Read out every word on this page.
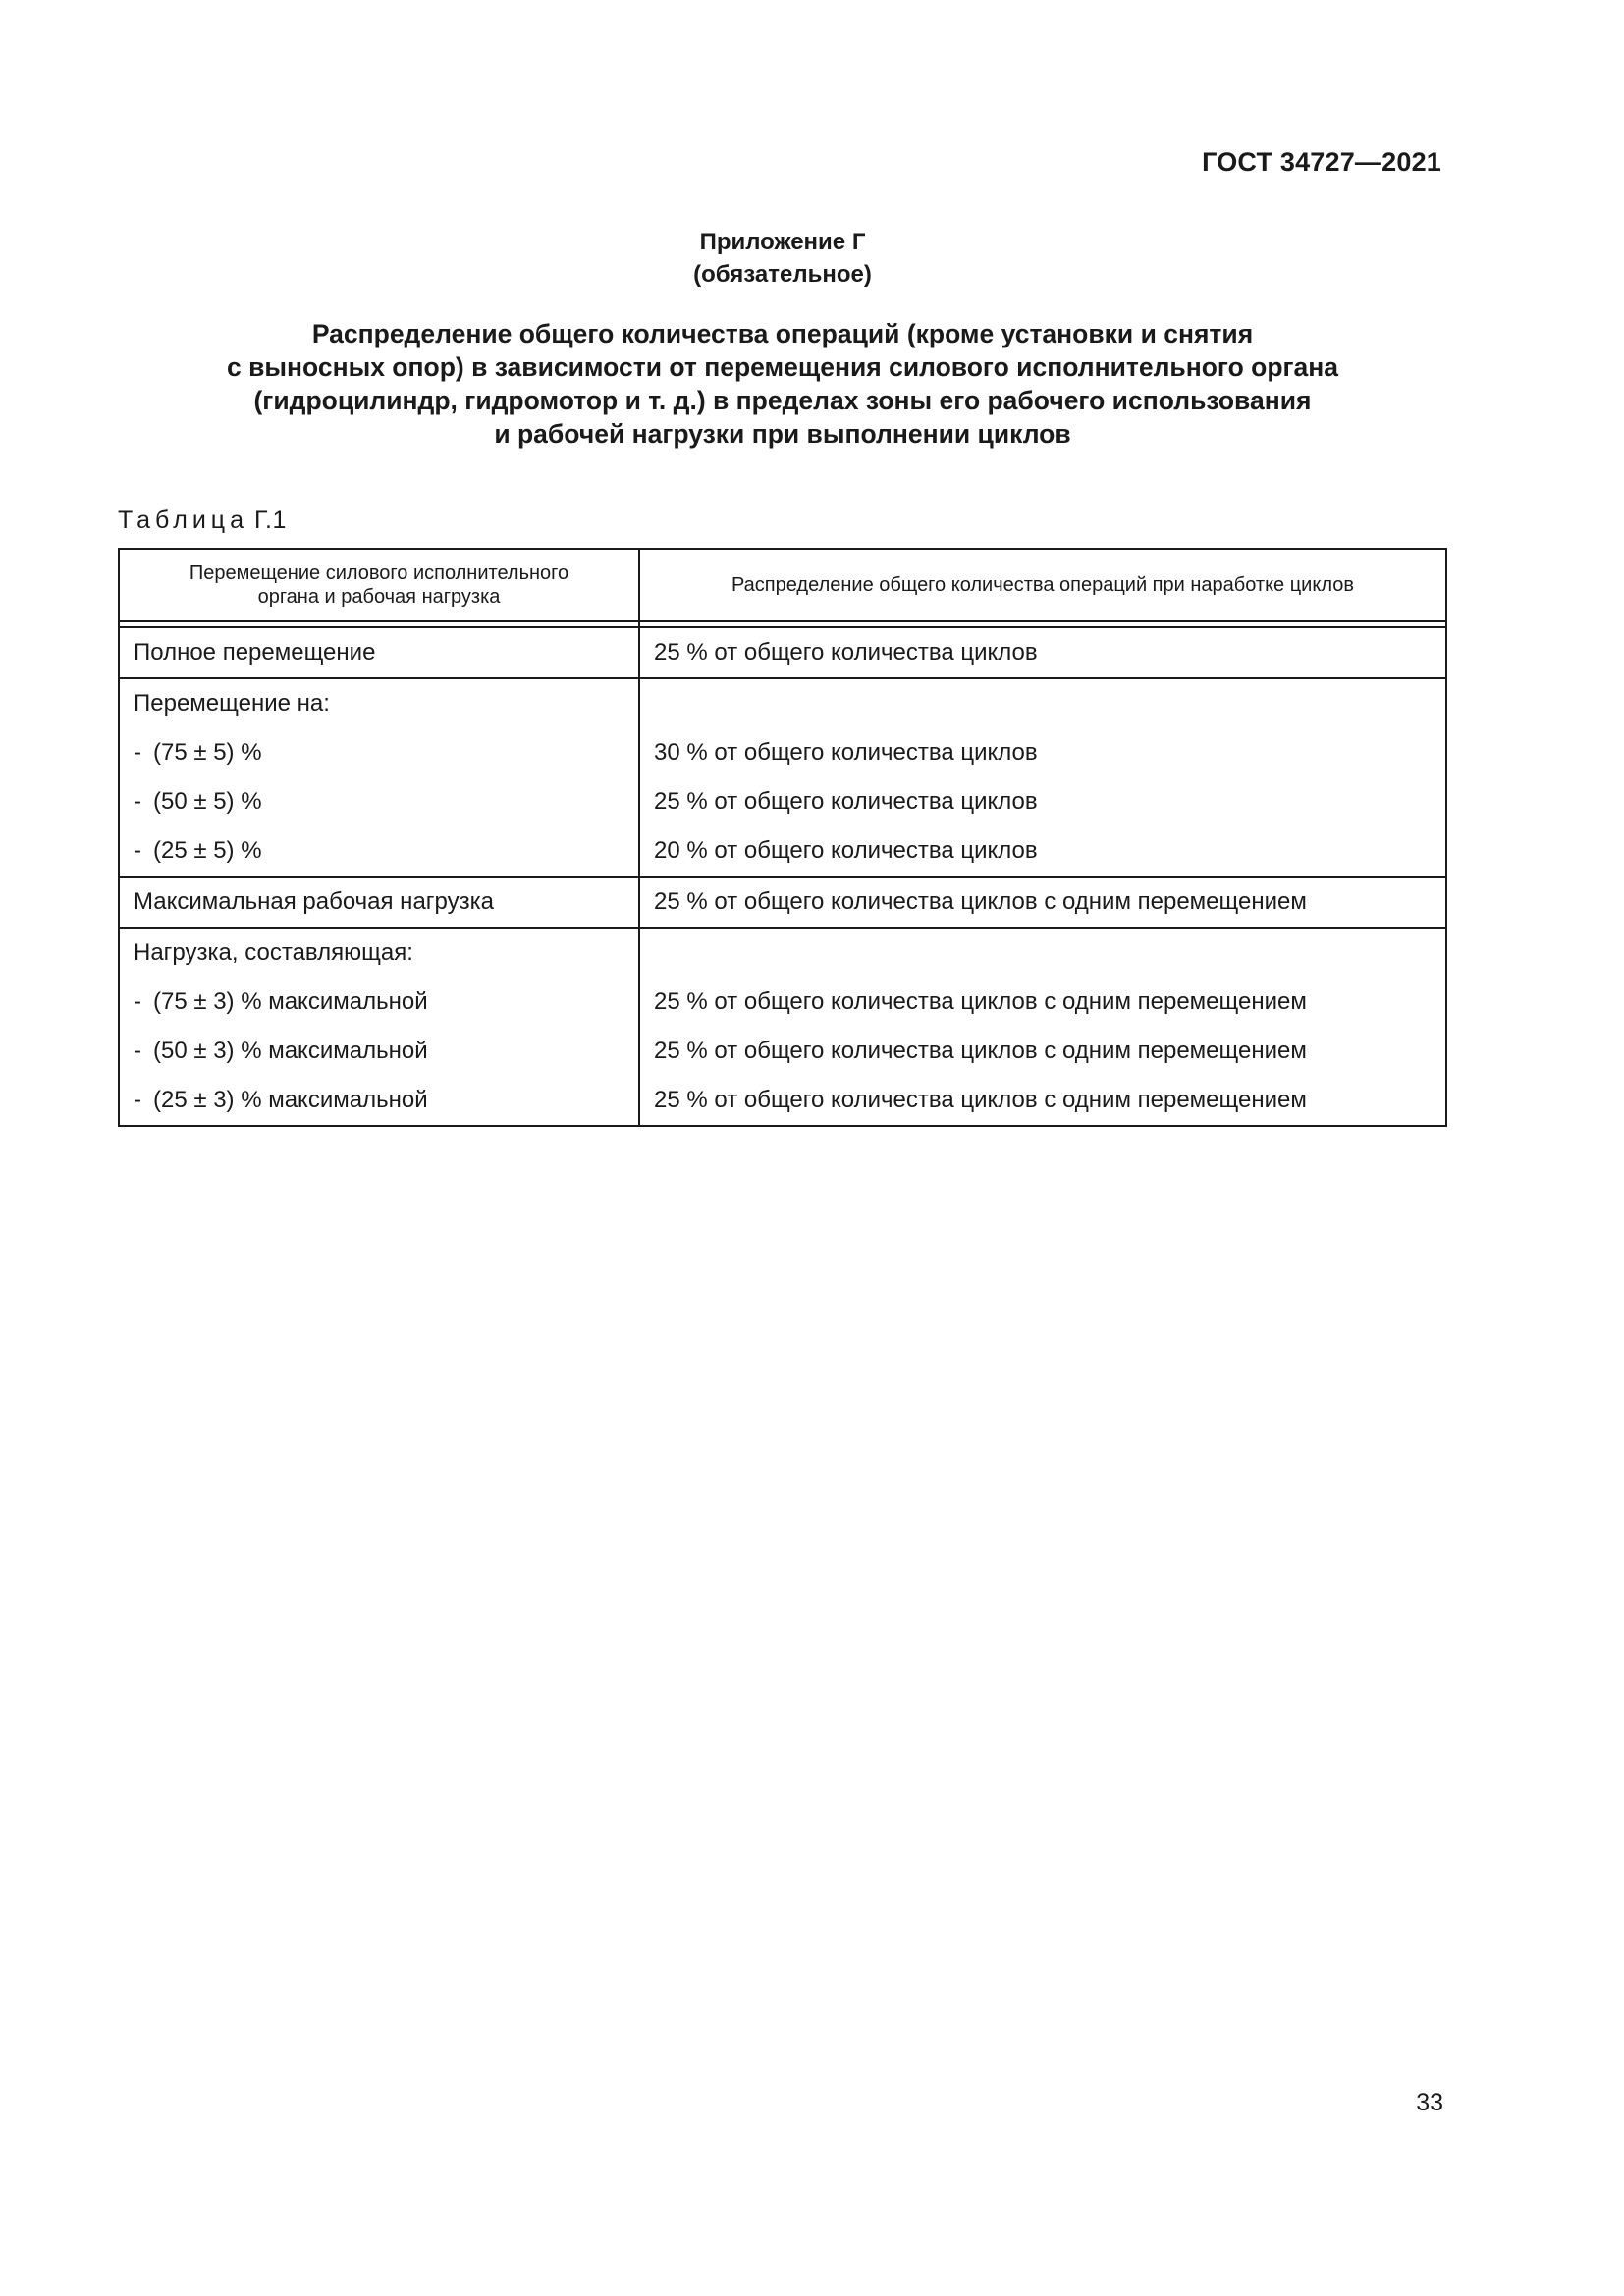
ГОСТ 34727—2021
Приложение Г
(обязательное)
Распределение общего количества операций (кроме установки и снятия
с выносных опор) в зависимости от перемещения силового исполнительного органа
(гидроцилиндр, гидромотор и т. д.) в пределах зоны его рабочего использования
и рабочей нагрузки при выполнении циклов
Таблица Г.1
Перемещение силового исполнительного
органа и рабочая нагрузка	Распределение общего количества операций при наработке циклов

Полное перемещение	25 % от общего количества циклов
Перемещение на:	
- (75 ± 5) %	30 % от общего количества циклов
- (50 ± 5) %	25 % от общего количества циклов
- (25 ± 5) %	20 % от общего количества циклов
Максимальная рабочая нагрузка	25 % от общего количества циклов с одним перемещением
Нагрузка, составляющая:	
- (75 ± 3) % максимальной	25 % от общего количества циклов с одним перемещением
- (50 ± 3) % максимальной	25 % от общего количества циклов с одним перемещением
- (25 ± 3) % максимальной	25 % от общего количества циклов с одним перемещением
33
